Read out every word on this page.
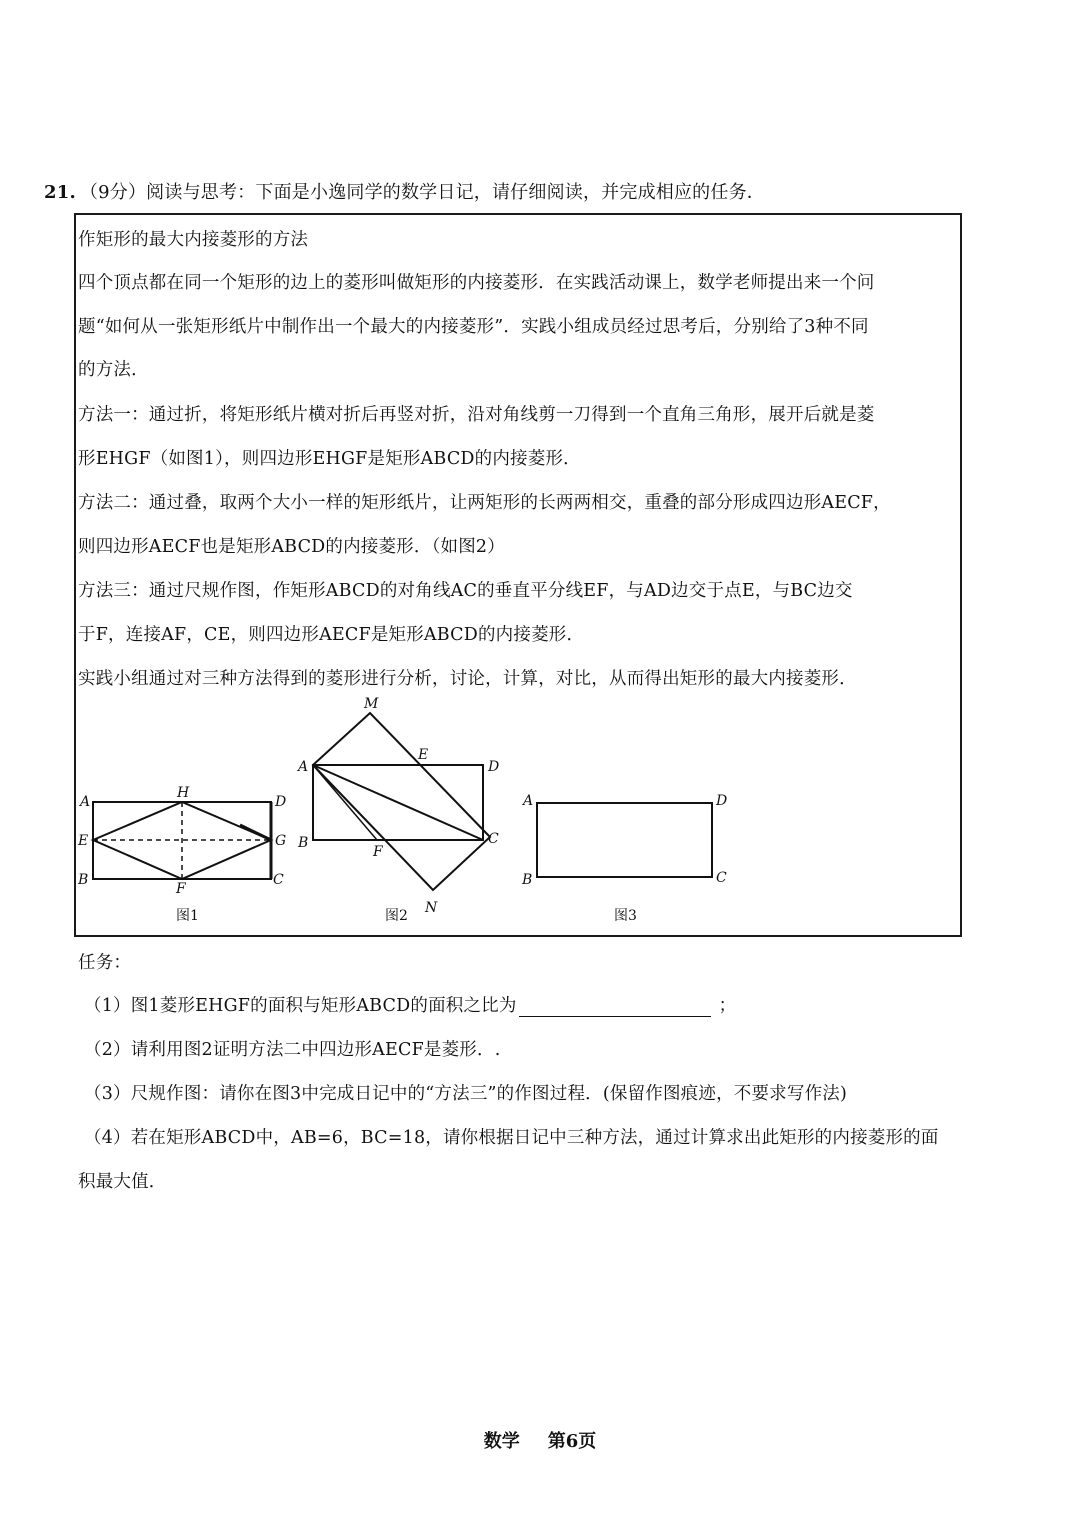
21. （9分）阅读与思考：下面是小逸同学的数学日记，请仔细阅读，并完成相应的任务．
作矩形的最大内接菱形的方法
四个顶点都在同一个矩形的边上的菱形叫做矩形的内接菱形．在实践活动课上，数学老师提出来一个问
题“如何从一张矩形纸片中制作出一个最大的内接菱形”．实践小组成员经过思考后，分别给了3种不同
的方法．
方法一：通过折，将矩形纸片横对折后再竖对折，沿对角线剪一刀得到一个直角三角形，展开后就是菱
形EHGF（如图1），则四边形EHGF是矩形ABCD的内接菱形．
方法二：通过叠，取两个大小一样的矩形纸片，让两矩形的长两两相交，重叠的部分形成四边形AECF，
则四边形AECF也是矩形ABCD的内接菱形．（如图2）
方法三：通过尺规作图，作矩形ABCD的对角线AC的垂直平分线EF，与AD边交于点E，与BC边交
于F，连接AF，CE，则四边形AECF是矩形ABCD的内接菱形．
实践小组通过对三种方法得到的菱形进行分析，讨论，计算，对比，从而得出矩形的最大内接菱形．
A
H
D
E	G
B
F
C
图1
M
A
E
D
B
F
C
N
图2
A	D
B	C
图3
任务：
（1）图1菱形EHGF的面积与矩形ABCD的面积之比为	；
（2）请利用图2证明方法二中四边形AECF是菱形．.
（3）尺规作图：请你在图3中完成日记中的“方法三”的作图过程．(保留作图痕迹，不要求写作法)
（4）若在矩形ABCD中，AB=6，BC=18，请你根据日记中三种方法，通过计算求出此矩形的内接菱形的面
积最大值．
数学 第6页
